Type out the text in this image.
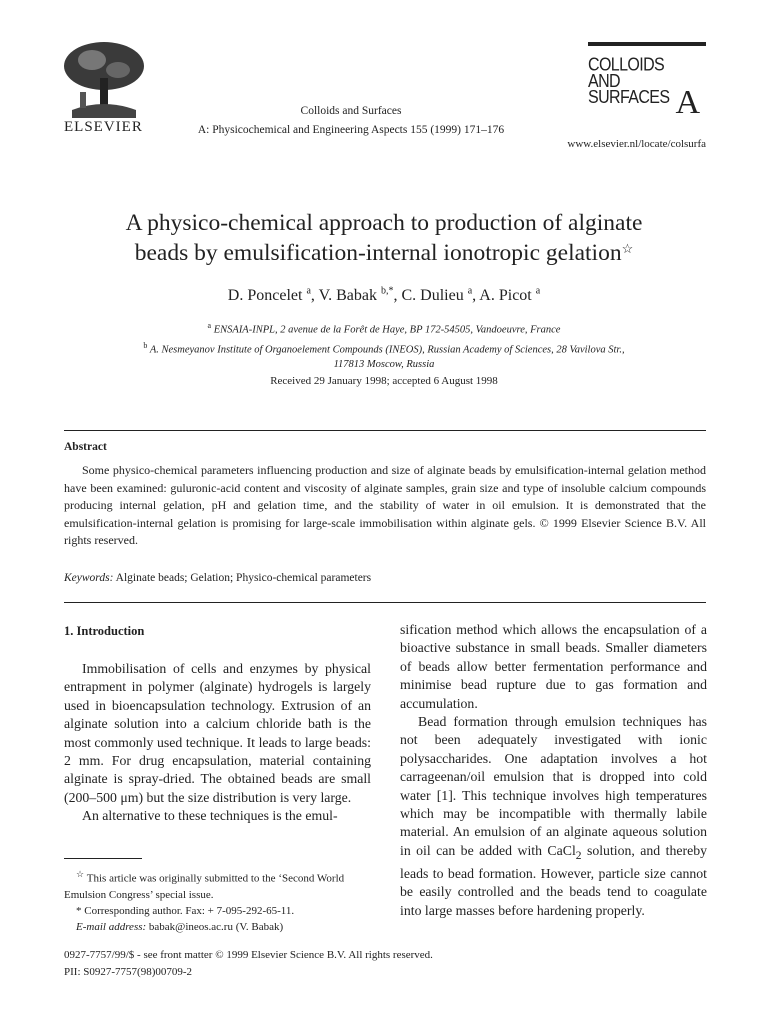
ELSEVIER
Colloids and Surfaces
A: Physicochemical and Engineering Aspects 155 (1999) 171–176
COLLOIDS
AND
SURFACES A
www.elsevier.nl/locate/colsurfa
A physico-chemical approach to production of alginate
beads by emulsification-internal ionotropic gelation☆
D. Poncelet $^a$, V. Babak $^{b,*}$, C. Dulieu $^a$, A. Picot $^a$
$^a$ ENSAIA-INPL, 2 avenue de la Forêt de Haye, BP 172-54505, Vandoeuvre, France
$^b$ A. Nesmeyanov Institute of Organoelement Compounds (INEOS), Russian Academy of Sciences, 28 Vavilova Str.,
117813 Moscow, Russia
Received 29 January 1998; accepted 6 August 1998
Abstract
Some physico-chemical parameters influencing production and size of alginate beads by emulsification-internal gelation method have been examined: guluronic-acid content and viscosity of alginate samples, grain size and type of insoluble calcium compounds producing internal gelation, pH and gelation time, and the stability of water in oil emulsion. It is demonstrated that the emulsification-internal gelation is promising for large-scale immobilisation within alginate gels. © 1999 Elsevier Science B.V. All rights reserved.
Keywords: Alginate beads; Gelation; Physico-chemical parameters
1. Introduction

Immobilisation of cells and enzymes by physical entrapment in polymer (alginate) hydrogels is largely used in bioencapsulation technology. Extrusion of an alginate solution into a calcium chloride bath is the most commonly used technique. It leads to large beads: 2 mm. For drug encapsulation, material containing alginate is spray-dried. The obtained beads are small (200–500 μm) but the size distribution is very large.

An alternative to these techniques is the emul-

sification method which allows the encapsulation of a bioactive substance in small beads. Smaller diameters of beads allow better fermentation performance and minimise bead rupture due to gas formation and accumulation.

Bead formation through emulsion techniques has not been adequately investigated with ionic polysaccharides. One adaptation involves a hot carrageenan/oil emulsion that is dropped into cold water [1]. This technique involves high temperatures which may be incompatible with thermally labile material. An emulsion of an alginate aqueous solution in oil can be added with CaCl$_2$ solution, and thereby leads to bead formation. However, particle size cannot be easily controlled and the beads tend to coagulate into large masses before hardening properly.

☆ This article was originally submitted to the ‘Second World Emulsion Congress’ special issue.
* Corresponding author. Fax: + 7-095-292-65-11.
E-mail address: babak@ineos.ac.ru (V. Babak)
0927-7757/99/$ - see front matter © 1999 Elsevier Science B.V. All rights reserved.
PII: S0927-7757(98)00709-2
